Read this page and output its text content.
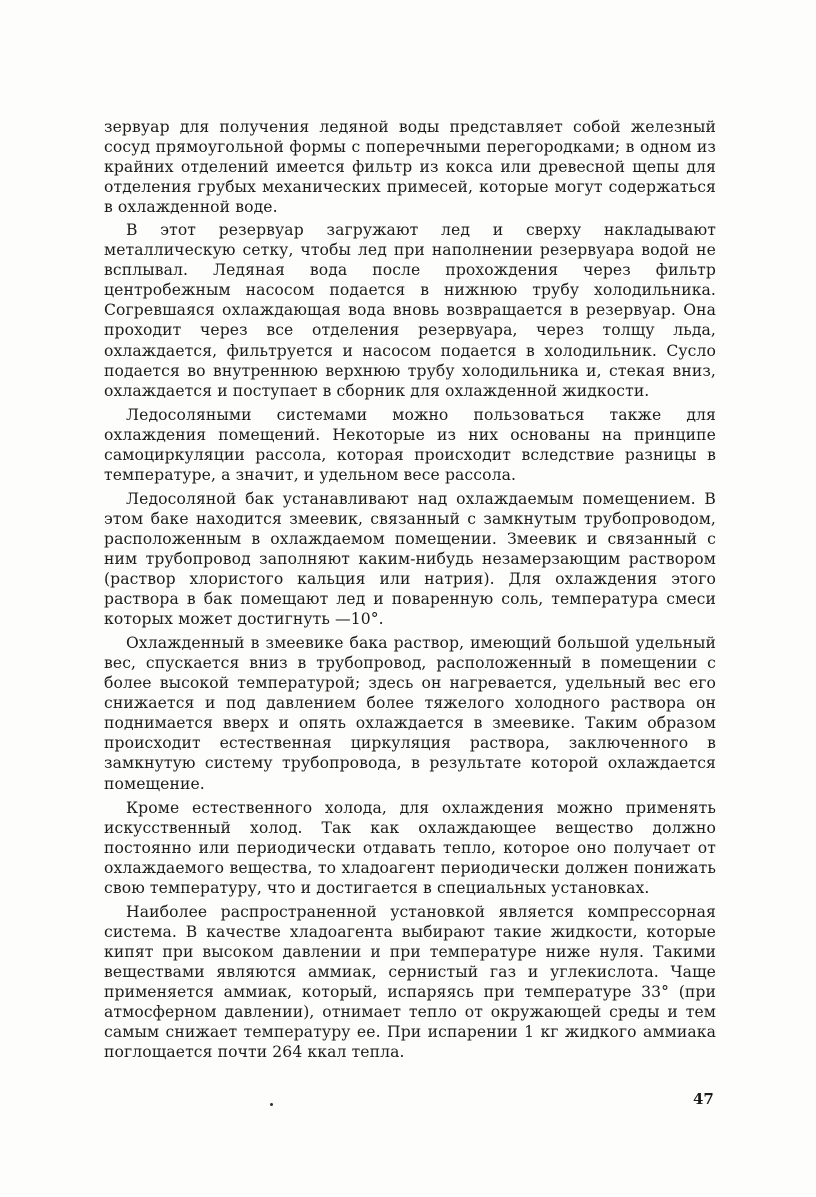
зервуар для получения ледяной воды представляет собой железный сосуд прямоугольной формы с поперечными перегородками; в одном из крайних отделений имеется фильтр из кокса или древесной щепы для отделения грубых механических примесей, которые могут содержаться в охлажденной воде.

В этот резервуар загружают лед и сверху накладывают металлическую сетку, чтобы лед при наполнении резервуара водой не всплывал. Ледяная вода после прохождения через фильтр центробежным насосом подается в нижнюю трубу холодильника. Согревшаяся охлаждающая вода вновь возвращается в резервуар. Она проходит через все отделения резервуара, через толщу льда, охлаждается, фильтруется и насосом подается в холодильник. Сусло подается во внутреннюю верхнюю трубу холодильника и, стекая вниз, охлаждается и поступает в сборник для охлажденной жидкости.

Ледосоляными системами можно пользоваться также для охлаждения помещений. Некоторые из них основаны на принципе самоциркуляции рассола, которая происходит вследствие разницы в температуре, а значит, и удельном весе рассола.

Ледосоляной бак устанавливают над охлаждаемым помещением. В этом баке находится змеевик, связанный с замкнутым трубопроводом, расположенным в охлаждаемом помещении. Змеевик и связанный с ним трубопровод заполняют каким-нибудь незамерзающим раствором (раствор хлористого кальция или натрия). Для охлаждения этого раствора в бак помещают лед и поваренную соль, температура смеси которых может достигнуть —10°.

Охлажденный в змеевике бака раствор, имеющий большой удельный вес, спускается вниз в трубопровод, расположенный в помещении с более высокой температурой; здесь он нагревается, удельный вес его снижается и под давлением более тяжелого холодного раствора он поднимается вверх и опять охлаждается в змеевике. Таким образом происходит естественная циркуляция раствора, заключенного в замкнутую систему трубопровода, в результате которой охлаждается помещение.

Кроме естественного холода, для охлаждения можно применять искусственный холод. Так как охлаждающее вещество должно постоянно или периодически отдавать тепло, которое оно получает от охлаждаемого вещества, то хладоагент периодически должен понижать свою температуру, что и достигается в специальных установках.

Наиболее распространенной установкой является компрессорная система. В качестве хладоагента выбирают такие жидкости, которые кипят при высоком давлении и при температуре ниже нуля. Такими веществами являются аммиак, сернистый газ и углекислота. Чаще применяется аммиак, который, испаряясь при температуре 33° (при атмосферном давлении), отнимает тепло от окружающей среды и тем самым снижает температуру ее. При испарении 1 кг жидкого аммиака поглощается почти 264 ккал тепла.

47
